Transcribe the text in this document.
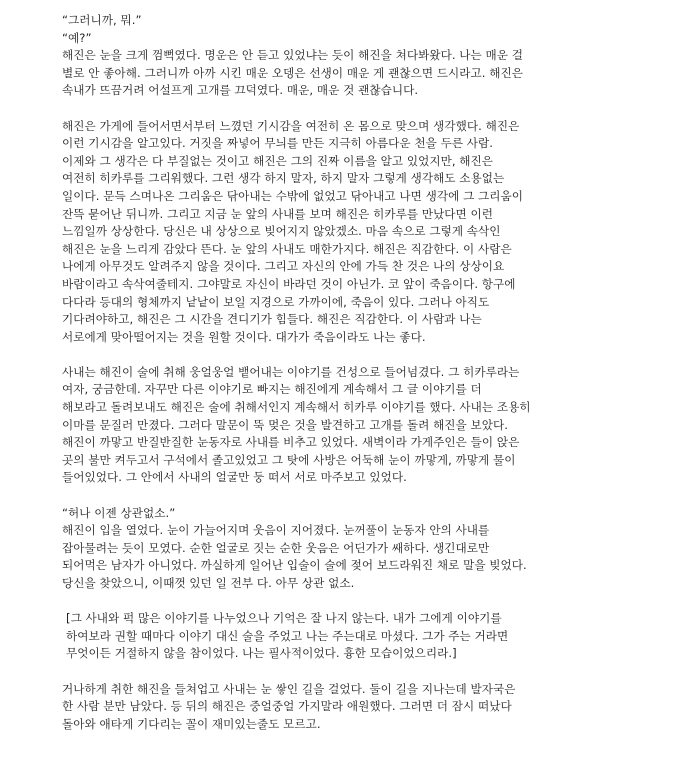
“그러니까, 뭐.”
“예?”
해진은 눈을 크게 껌뻑였다. 명운은 안 듣고 있었냐는 듯이 해진을 쳐다봐왔다. 나는 매운 걸
별로 안 좋아해. 그러니까 아까 시킨 매운 오뎅은 선생이 매운 게 괜찮으면 드시라고. 해진은
속내가 뜨끔거려 어설프게 고개를 끄덕였다. 매운, 매운 것 괜찮습니다.
해진은 가게에 들어서면서부터 느꼈던 기시감을 여전히 온 몸으로 맞으며 생각했다. 해진은
이런 기시감을 알고있다. 거짓을 짜넣어 무늬를 만든 지극히 아름다운 천을 두른 사람.
이제와 그 생각은 다 부질없는 것이고 해진은 그의 진짜 이름을 알고 있었지만, 해진은
여전히 히카루를 그리워했다. 그런 생각 하지 말자, 하지 말자 그렇게 생각해도 소용없는
일이다. 문득 스며나온 그리움은 닦아내는 수밖에 없었고 닦아내고 나면 생각에 그 그리움이
잔뜩 묻어난 뒤니까. 그리고 지금 눈 앞의 사내를 보며 해진은 히카루를 만났다면 이런
느낌일까 상상한다. 당신은 내 상상으로 빚어지지 않았겠소. 마음 속으로 그렇게 속삭인
해진은 눈을 느리게 감았다 뜬다. 눈 앞의 사내도 매한가지다. 해진은 직감한다. 이 사람은
나에게 아무것도 알려주지 않을 것이다. 그리고 자신의 안에 가득 찬 것은 나의 상상이요
바람이라고 속삭여줄테지. 그야말로 자신이 바라던 것이 아닌가. 코 앞이 죽음이다. 항구에
다다라 등대의 형체까지 낱낱이 보일 지경으로 가까이에, 죽음이 있다. 그러나 아직도
기다려야하고, 해진은 그 시간을 견디기가 힘들다. 해진은 직감한다. 이 사람과 나는
서로에게 맞아떨어지는 것을 원할 것이다. 대가가 죽음이라도 나는 좋다.
사내는 해진이 술에 취해 웅얼웅얼 뱉어내는 이야기를 건성으로 들어넘겼다. 그 히카루라는
여자, 궁금한데. 자꾸만 다른 이야기로 빠지는 해진에게 계속해서 그 글 이야기를 더
해보라고 돌려보내도 해진은 술에 취해서인지 계속해서 히카루 이야기를 했다. 사내는 조용히
이마를 문질러 만졌다. 그러다 말문이 뚝 멎은 것을 발견하고 고개를 돌려 해진을 보았다.
해진이 까맣고 반질반질한 눈동자로 사내를 비추고 있었다. 새벽이라 가게주인은 들이 앉은
곳의 불만 켜두고서 구석에서 졸고있었고 그 탓에 사방은 어둑해 눈이 까맣게, 까맣게 물이
들어있었다. 그 안에서 사내의 얼굴만 둥 떠서 서로 마주보고 있었다.
“허나 이젠 상관없소.”
해진이 입을 열었다. 눈이 가늘어지며 웃음이 지어졌다. 눈꺼풀이 눈동자 안의 사내를
잡아물려는 듯이 모였다. 순한 얼굴로 짓는 순한 웃음은 어딘가가 쌔하다. 생긴대로만
되어먹은 남자가 아니었다. 까실하게 일어난 입술이 술에 젖어 보드라워진 채로 말을 빚었다.
당신을 찾았으니, 이때껏 있던 일 전부 다. 아무 상관 없소.
[그 사내와 퍽 많은 이야기를 나누었으나 기억은 잘 나지 않는다. 내가 그에게 이야기를
하여보라 권할 때마다 이야기 대신 술을 주었고 나는 주는대로 마셨다. 그가 주는 거라면
무엇이든 거절하지 않을 참이었다. 나는 필사적이었다. 흉한 모습이었으리라.]
거나하게 취한 해진을 들쳐업고 사내는 눈 쌓인 길을 걸었다. 둘이 길을 지나는데 발자국은
한 사람 분만 남았다. 등 뒤의 해진은 중얼중얼 가지말라 애원했다. 그러면 더 잠시 떠났다
돌아와 애타게 기다리는 꼴이 재미있는줄도 모르고.
